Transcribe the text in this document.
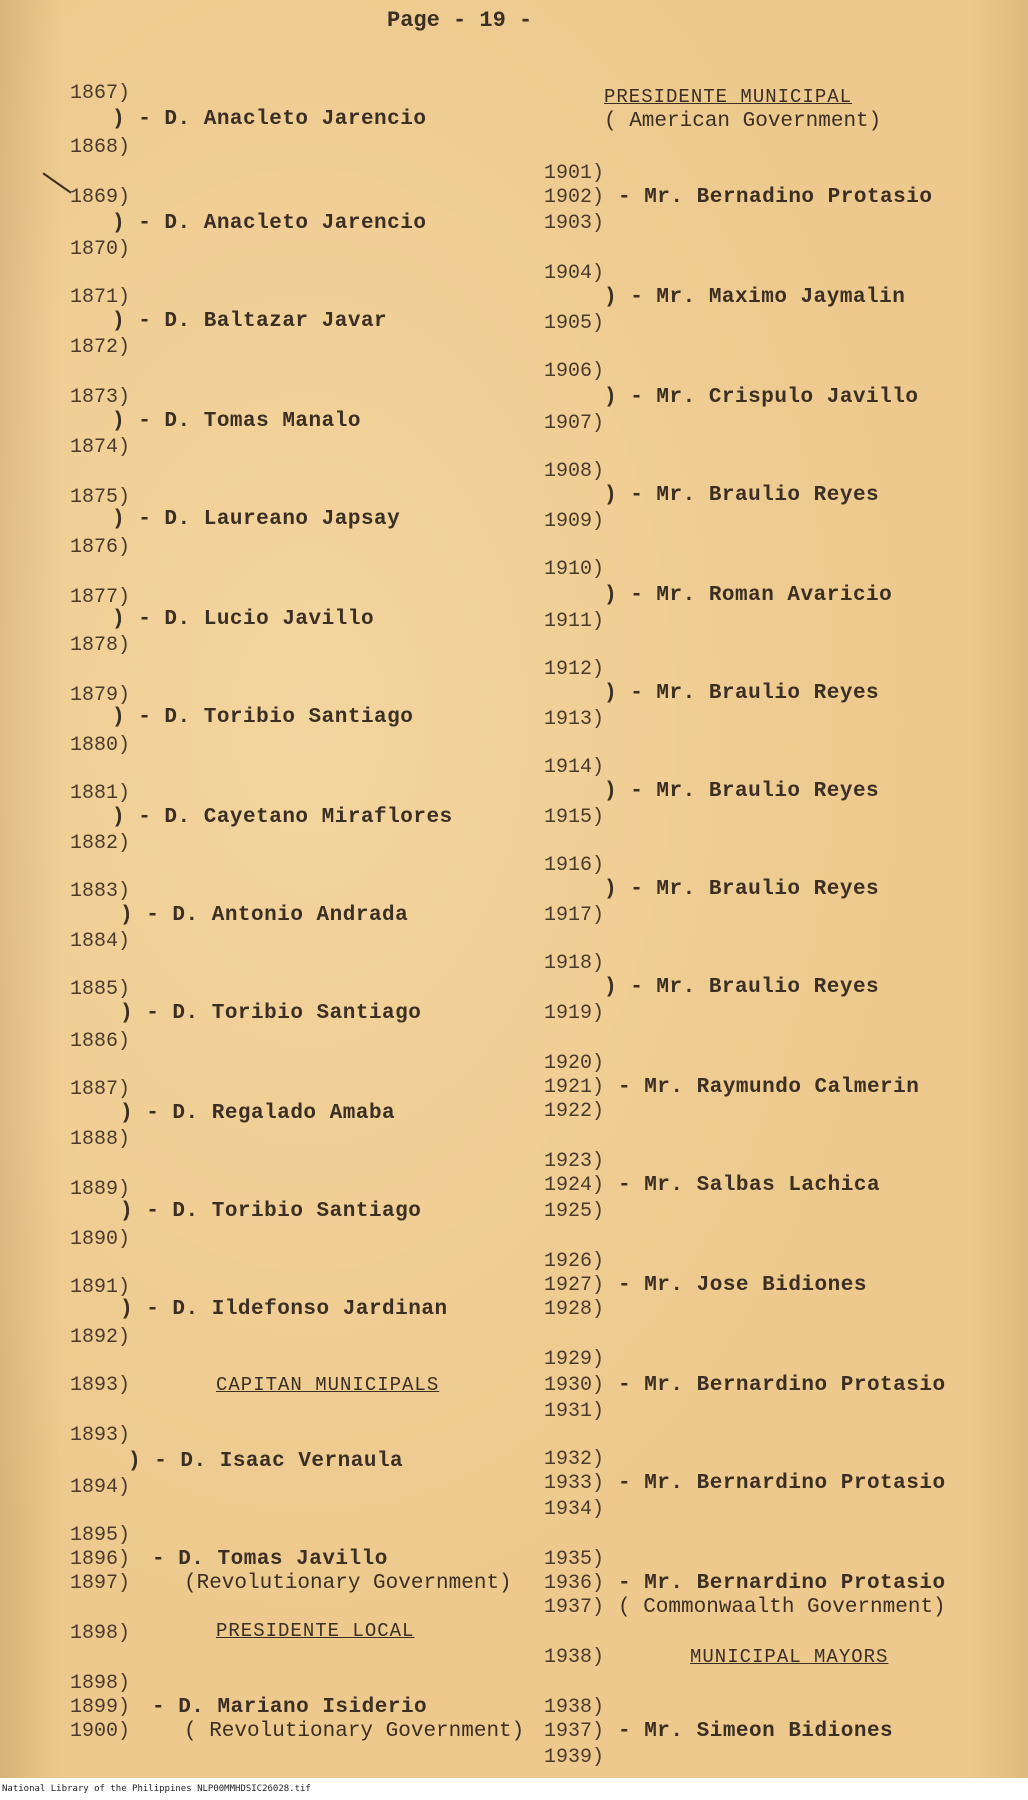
Page - 19 -
1867)
) - D. Anacleto Jarencio
1868)
1869)
) - D. Anacleto Jarencio
1870)
1871)
) - D. Baltazar Javar
1872)
1873)
) - D. Tomas Manalo
1874)
1875)
) - D. Laureano Japsay
1876)
1877)
) - D. Lucio Javillo
1878)
1879)
) - D. Toribio Santiago
1880)
1881)
) - D. Cayetano Miraflores
1882)
1883)
) - D. Antonio Andrada
1884)
1885)
) - D. Toribio Santiago
1886)
1887)
) - D. Regalado Amaba
1888)
1889)
) - D. Toribio Santiago
1890)
1891)
) - D. Ildefonso Jardinan
1892)
1893)	CAPITAN MUNICIPALS
1893)
) - D. Isaac Vernaula
1894)
1895)
1896) - D. Tomas Javillo
1897)	(Revolutionary Government)
1898)	PRESIDENTE LOCAL
1898)
1899) - D. Mariano Isiderio
1900)	( Revolutionary Government)
PRESIDENTE MUNICIPAL
( American Government)
1901)
1902) - Mr. Bernadino Protasio
1903)
1904)
) - Mr. Maximo Jaymalin
1905)
1906)
) - Mr. Crispulo Javillo
1907)
1908)
) - Mr. Braulio Reyes
1909)
1910)
) - Mr. Roman Avaricio
1911)
1912)
) - Mr. Braulio Reyes
1913)
1914)
) - Mr. Braulio Reyes
1915)
1916)
) - Mr. Braulio Reyes
1917)
1918)
) - Mr. Braulio Reyes
1919)
1920)
1921) - Mr. Raymundo Calmerin
1922)
1923)
1924) - Mr. Salbas Lachica
1925)
1926)
1927) - Mr. Jose Bidiones
1928)
1929)
1930) - Mr. Bernardino Protasio
1931)
1932)
1933) - Mr. Bernardino Protasio
1934)
1935)
1936) - Mr. Bernardino Protasio
1937) ( Commonwaalth Government)
1938)	MUNICIPAL MAYORS
1938)
1937) - Mr. Simeon Bidiones
1939)
National Library of the Philippines NLP00MMHDSIC26028.tif
